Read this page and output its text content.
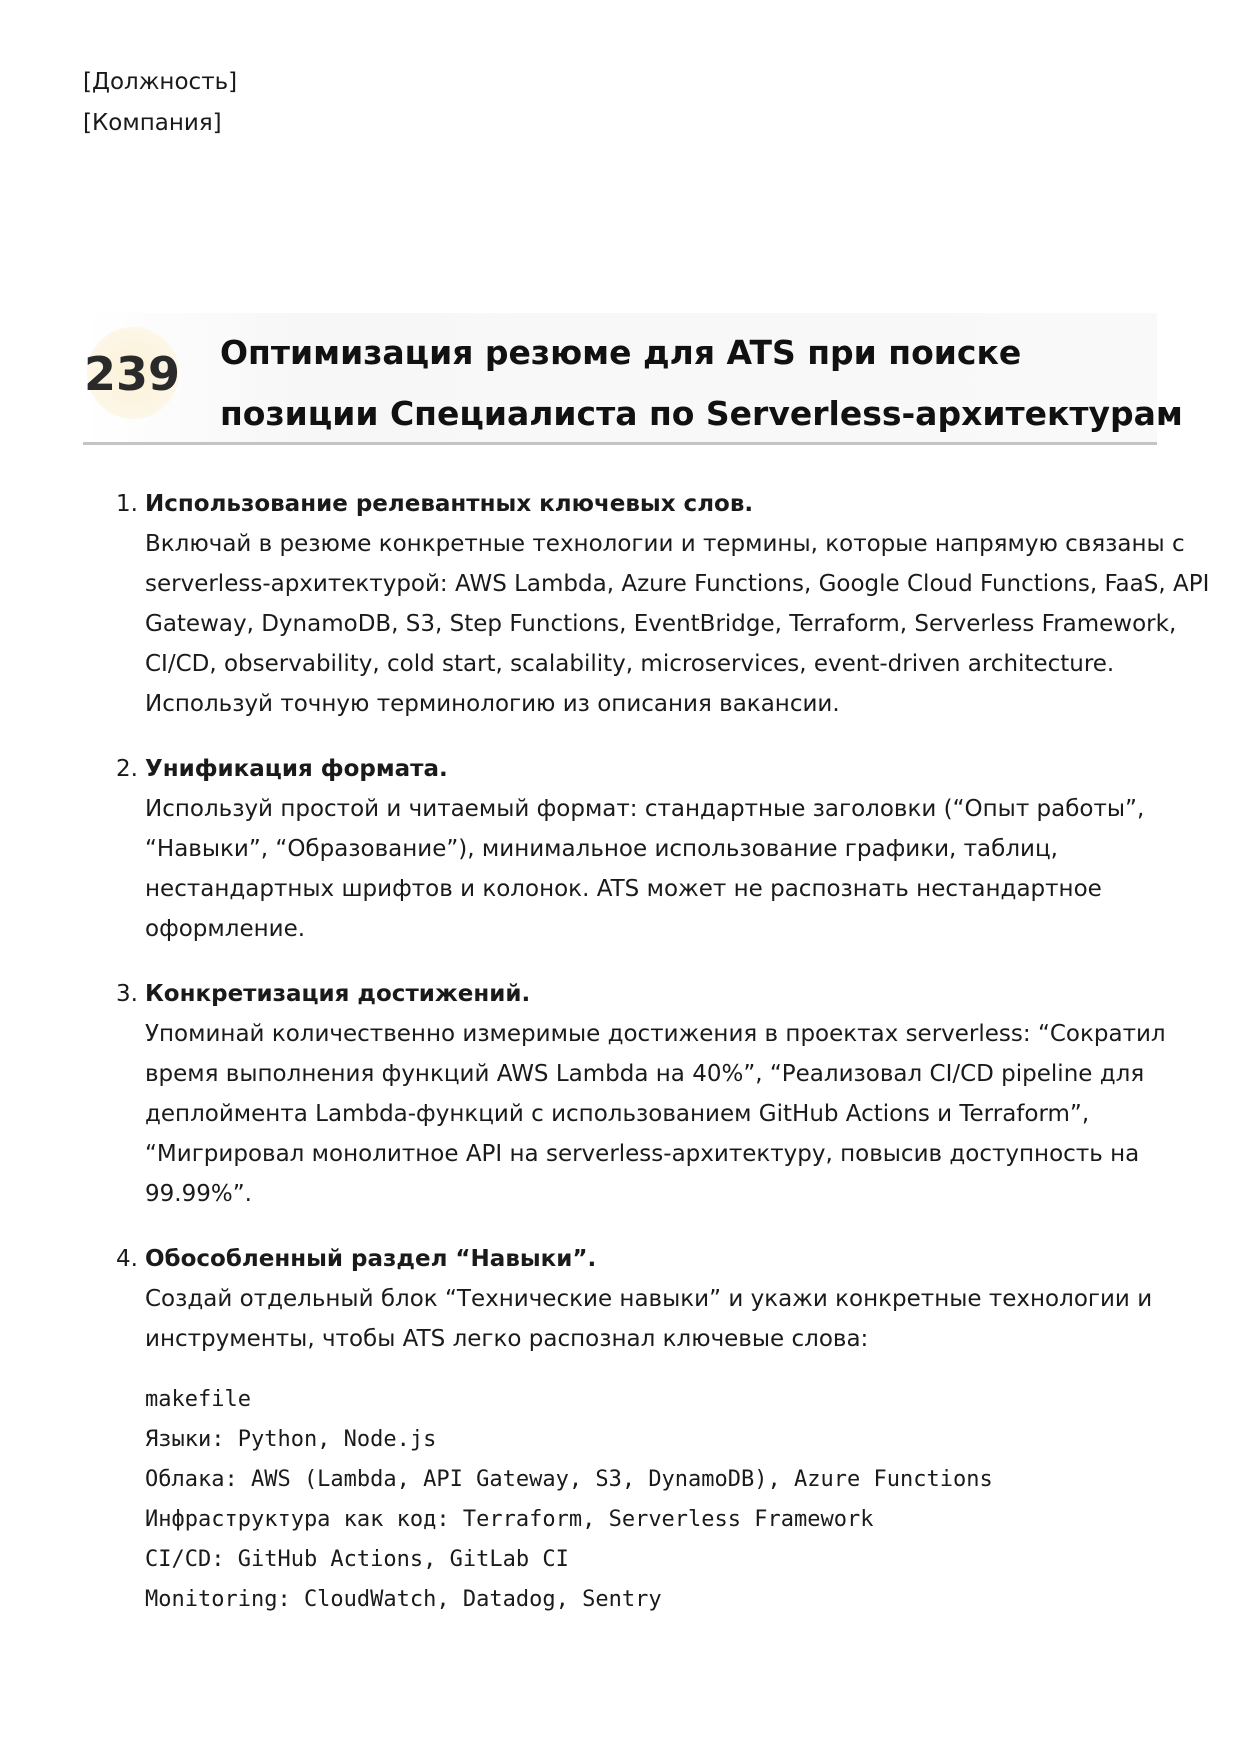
[Должность]
[Компания]
239	Оптимизация резюме для ATS при поиске
позиции Специалиста по Serverless-архитектурам
1. Использование релевантных ключевых слов.
Включай в резюме конкретные технологии и термины, которые напрямую связаны с
serverless-архитектурой: AWS Lambda, Azure Functions, Google Cloud Functions, FaaS, API
Gateway, DynamoDB, S3, Step Functions, EventBridge, Terraform, Serverless Framework,
CI/CD, observability, cold start, scalability, microservices, event-driven architecture.
Используй точную терминологию из описания вакансии.
2. Унификация формата.
Используй простой и читаемый формат: стандартные заголовки (“Опыт работы”,
“Навыки”, “Образование”), минимальное использование графики, таблиц,
нестандартных шрифтов и колонок. ATS может не распознать нестандартное
оформление.
3. Конкретизация достижений.
Упоминай количественно измеримые достижения в проектах serverless: “Сократил
время выполнения функций AWS Lambda на 40%”, “Реализовал CI/CD pipeline для
деплоймента Lambda-функций с использованием GitHub Actions и Terraform”,
“Мигрировал монолитное API на serverless-архитектуру, повысив доступность на
99.99%”.
4. Обособленный раздел “Навыки”.
Создай отдельный блок “Технические навыки” и укажи конкретные технологии и
инструменты, чтобы ATS легко распознал ключевые слова:
makefile
Языки: Python, Node.js
Облака: AWS (Lambda, API Gateway, S3, DynamoDB), Azure Functions
Инфраструктура как код: Terraform, Serverless Framework
CI/CD: GitHub Actions, GitLab CI
Monitoring: CloudWatch, Datadog, Sentry
